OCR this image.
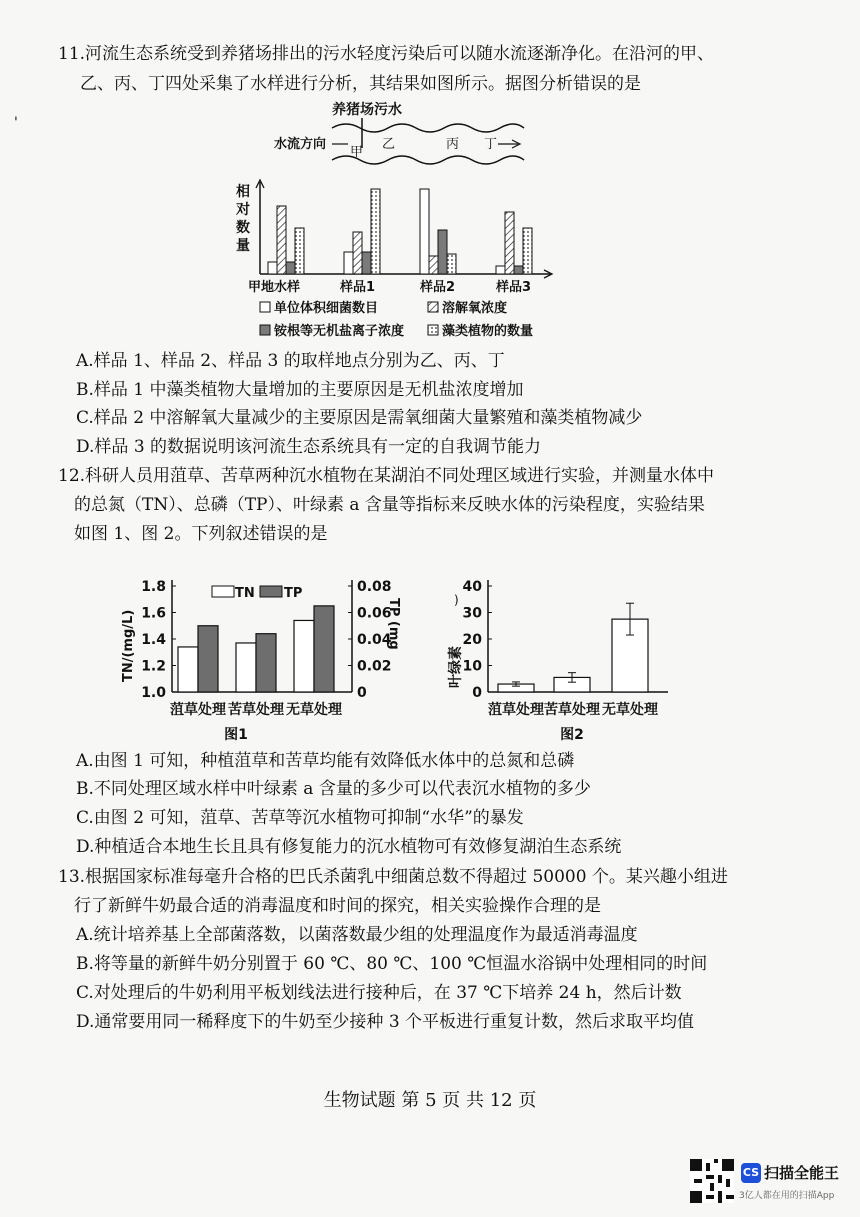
'
11.河流生态系统受到养猪场排出的污水轻度污染后可以随水流逐渐净化。在沿河的甲、
乙、丙、丁四处采集了水样进行分析，其结果如图所示。据图分析错误的是
养猪场污水
水流方向
甲
乙	丙 丁
相
对
数
量
甲地水样	样品1	样品2	样品3
单位体积细菌数目	溶解氧浓度
铵根等无机盐离子浓度	藻类植物的数量
A.样品 1、样品 2、样品 3 的取样地点分别为乙、丙、丁
B.样品 1 中藻类植物大量增加的主要原因是无机盐浓度增加
C.样品 2 中溶解氧大量减少的主要原因是需氧细菌大量繁殖和藻类植物减少
D.样品 3 的数据说明该河流生态系统具有一定的自我调节能力
12.科研人员用菹草、苦草两种沉水植物在某湖泊不同处理区域进行实验，并测量水体中
的总氮（TN）、总磷（TP）、叶绿素 a 含量等指标来反映水体的污染程度，实验结果
如图 1、图 2。下列叙述错误的是
1.0
1.2
1.4
1.6
1.8
0
0.02
0.04
0.06
0.08
TN/(mg/L)	TP (mg
菹草处理 苦草处理 无草处理
TN TP
图1
0
10
20
30
40
叶绿素
)
菹草处理 苦草处理 无草处理
图2
A.由图 1 可知，种植菹草和苦草均能有效降低水体中的总氮和总磷
B.不同处理区域水样中叶绿素 a 含量的多少可以代表沉水植物的多少
C.由图 2 可知，菹草、苦草等沉水植物可抑制“水华”的暴发
D.种植适合本地生长且具有修复能力的沉水植物可有效修复湖泊生态系统
13.根据国家标准每毫升合格的巴氏杀菌乳中细菌总数不得超过 50000 个。某兴趣小组进
行了新鲜牛奶最合适的消毒温度和时间的探究，相关实验操作合理的是
A.统计培养基上全部菌落数，以菌落数最少组的处理温度作为最适消毒温度
B.将等量的新鲜牛奶分别置于 60 ℃、80 ℃、100 ℃恒温水浴锅中处理相同的时间
C.对处理后的牛奶利用平板划线法进行接种后，在 37 ℃下培养 24 h，然后计数
D.通常要用同一稀释度下的牛奶至少接种 3 个平板进行重复计数，然后求取平均值
生物试题 第 5 页 共 12 页
CS 扫描全能王
3亿人都在用的扫描App
